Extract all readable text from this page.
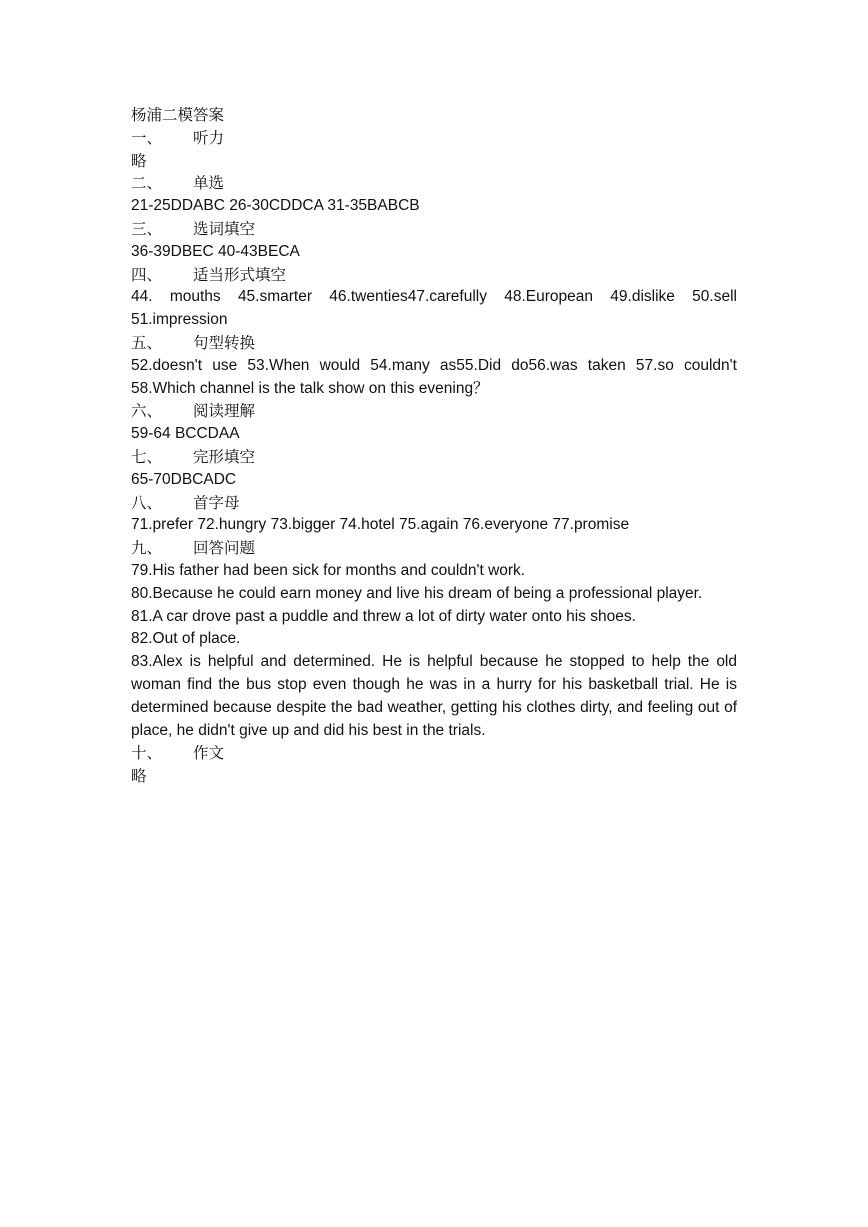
杨浦二模答案
一、	听力
略
二、	单选
21-25DDABC 26-30CDDCA 31-35BABCB
三、	选词填空
36-39DBEC 40-43BECA
四、	适当形式填空
44. mouths 45.smarter 46.twenties47.carefully 48.European 49.dislike 50.sell
51.impression
五、	句型转换
52.doesn't use 53.When would 54.many as55.Did do56.was taken 57.so couldn't
58.Which channel is the talk show on this evening？
六、	阅读理解
59-64 BCCDAA
七、	完形填空
65-70DBCADC
八、	首字母
71.prefer 72.hungry 73.bigger 74.hotel 75.again 76.everyone 77.promise
九、	回答问题
79.His father had been sick for months and couldn't work.
80.Because he could earn money and live his dream of being a professional player.
81.A car drove past a puddle and threw a lot of dirty water onto his shoes.
82.Out of place.
83.Alex is helpful and determined. He is helpful because he stopped to help the old woman find the bus stop even though he was in a hurry for his basketball trial. He is determined because despite the bad weather, getting his clothes dirty, and feeling out of place, he didn't give up and did his best in the trials.
十、	作文
略
